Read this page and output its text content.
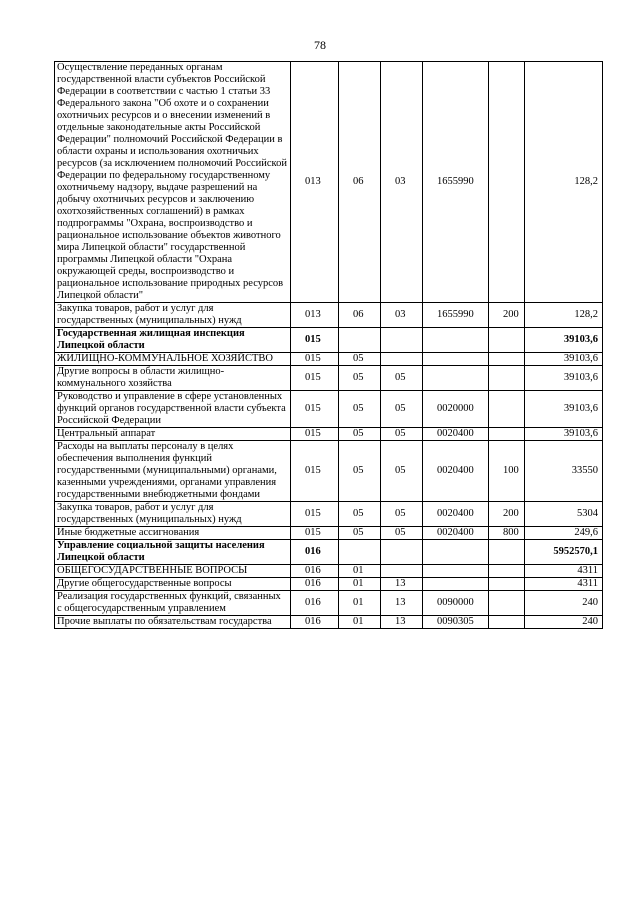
78
Осуществление переданных органам государственной власти субъектов Российской Федерации в соответствии с частью 1 статьи 33 Федерального закона "Об охоте и о сохранении охотничьих ресурсов и о внесении изменений в отдельные законодательные акты Российской Федерации" полномочий Российской Федерации в области охраны и использования охотничьих ресурсов (за исключением полномочий Российской Федерации по федеральному государственному охотничьему надзору, выдаче разрешений на добычу охотничьих ресурсов и заключению охотхозяйственных соглашений) в рамках подпрограммы "Охрана, воспроизводство и рациональное использование объектов животного мира Липецкой области" государственной программы Липецкой области "Охрана окружающей среды, воспроизводство и рациональное использование природных ресурсов Липецкой области"	013	06	03	1655990		128,2
Закупка товаров, работ и услуг для государственных (муниципальных) нужд	013	06	03	1655990	200	128,2
Государственная жилищная инспекция Липецкой области	015					39103,6
ЖИЛИЩНО-КОММУНАЛЬНОЕ ХОЗЯЙСТВО	015	05				39103,6
Другие вопросы в области жилищно-коммунального хозяйства	015	05	05			39103,6
Руководство и управление в сфере установленных функций органов государственной власти субъекта Российской Федерации	015	05	05	0020000		39103,6
Центральный аппарат	015	05	05	0020400		39103,6
Расходы на выплаты персоналу в целях обеспечения выполнения функций государственными (муниципальными) органами, казенными учреждениями, органами управления государственными внебюджетными фондами	015	05	05	0020400	100	33550
Закупка товаров, работ и услуг для государственных (муниципальных) нужд	015	05	05	0020400	200	5304
Иные бюджетные ассигнования	015	05	05	0020400	800	249,6
Управление социальной защиты населения Липецкой области	016					5952570,1
ОБЩЕГОСУДАРСТВЕННЫЕ ВОПРОСЫ	016	01				4311
Другие общегосударственные вопросы	016	01	13			4311
Реализация государственных функций, связанных с общегосударственным управлением	016	01	13	0090000		240
Прочие выплаты по обязательствам государства	016	01	13	0090305		240
